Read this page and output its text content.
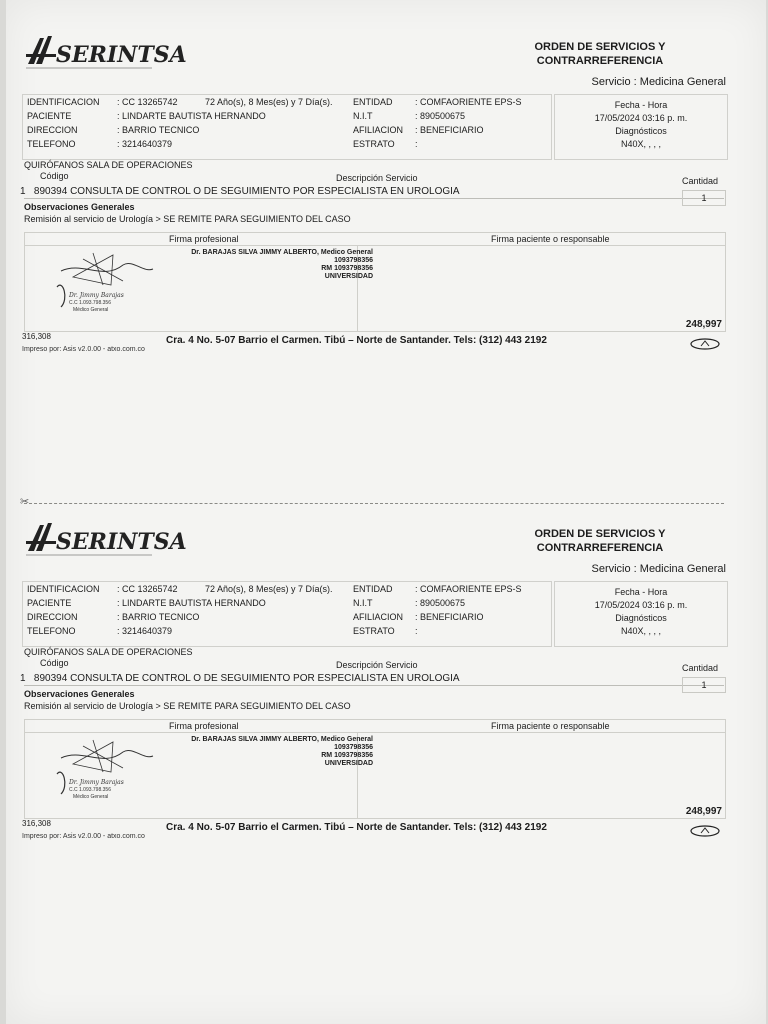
SERINTSA	ORDEN DE SERVICIOS Y
CONTRARREFERENCIA
Servicio : Medicina General
IDENTIFICACION : CC 13265742	72 Año(s), 8 Mes(es) y 7 Día(s).
PACIENTE	: LINDARTE BAUTISTA HERNANDO
DIRECCION	: BARRIO TECNICO
TELEFONO	: 3214640379
ENTIDAD : COMFAORIENTE EPS-S
N.I.T	: 890500675
AFILIACION : BENEFICIARIO
ESTRATO :
Fecha - Hora
17/05/2024 03:16 p. m.
Diagnósticos
N40X, , , ,
QUIRÓFANOS SALA DE OPERACIONES
Código	Descripción Servicio	Cantidad
1 890394 CONSULTA DE CONTROL O DE SEGUIMIENTO POR ESPECIALISTA EN UROLOGIA
1
Observaciones Generales
Remisión al servicio de Urología > SE REMITE PARA SEGUIMIENTO DEL CASO
Firma profesional	Firma paciente o responsable
Dr. Jimmy Barajas
C.C 1.093.798.356
Médico General
Dr. BARAJAS SILVA JIMMY ALBERTO, Medico General
1093798356
RM 1093798356
UNIVERSIDAD
248,997
316,308	Cra. 4 No. 5-07 Barrio el Carmen. Tibú – Norte de Santander. Tels: (312) 443 2192
Impreso por: Asis v2.0.00 - atxo.com.co
✂
SERINTSA	ORDEN DE SERVICIOS Y
CONTRARREFERENCIA
Servicio : Medicina General
IDENTIFICACION : CC 13265742	72 Año(s), 8 Mes(es) y 7 Día(s).
PACIENTE	: LINDARTE BAUTISTA HERNANDO
DIRECCION	: BARRIO TECNICO
TELEFONO	: 3214640379
ENTIDAD : COMFAORIENTE EPS-S
N.I.T	: 890500675
AFILIACION : BENEFICIARIO
ESTRATO :
Fecha - Hora
17/05/2024 03:16 p. m.
Diagnósticos
N40X, , , ,
QUIRÓFANOS SALA DE OPERACIONES
Código	Descripción Servicio	Cantidad
1 890394 CONSULTA DE CONTROL O DE SEGUIMIENTO POR ESPECIALISTA EN UROLOGIA
1
Observaciones Generales
Remisión al servicio de Urología > SE REMITE PARA SEGUIMIENTO DEL CASO
Firma profesional	Firma paciente o responsable
Dr. Jimmy Barajas
C.C 1.093.798.356
Médico General
Dr. BARAJAS SILVA JIMMY ALBERTO, Medico General
1093798356
RM 1093798356
UNIVERSIDAD
248,997
316,308	Cra. 4 No. 5-07 Barrio el Carmen. Tibú – Norte de Santander. Tels: (312) 443 2192
Impreso por: Asis v2.0.00 - atxo.com.co
